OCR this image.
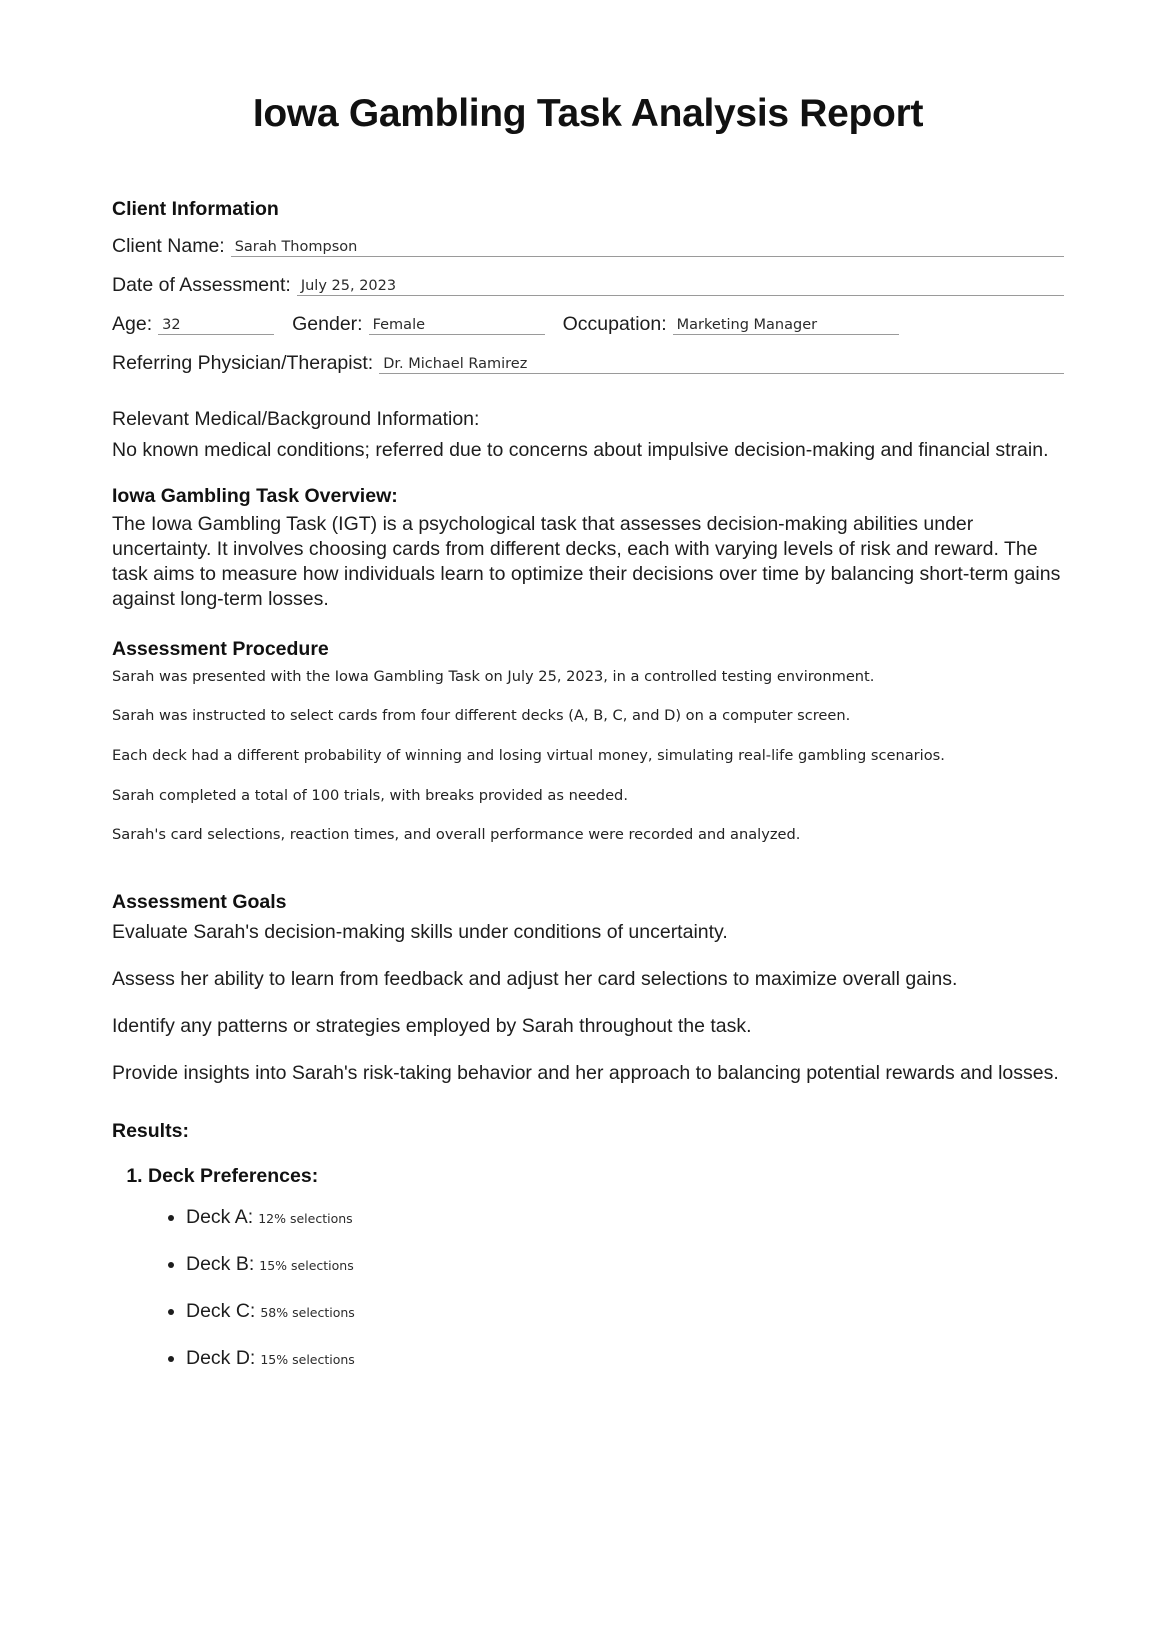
Iowa Gambling Task Analysis Report
Client Information
Client Name: Sarah Thompson
Date of Assessment: July 25, 2023
Age: 32	Gender: Female	Occupation: Marketing Manager
Referring Physician/Therapist: Dr. Michael Ramirez
Relevant Medical/Background Information:
No known medical conditions; referred due to concerns about impulsive decision-making and financial strain.
Iowa Gambling Task Overview:
The Iowa Gambling Task (IGT) is a psychological task that assesses decision-making abilities under uncertainty. It involves choosing cards from different decks, each with varying levels of risk and reward. The task aims to measure how individuals learn to optimize their decisions over time by balancing short-term gains against long-term losses.
Assessment Procedure
Sarah was presented with the Iowa Gambling Task on July 25, 2023, in a controlled testing environment.
Sarah was instructed to select cards from four different decks (A, B, C, and D) on a computer screen.
Each deck had a different probability of winning and losing virtual money, simulating real-life gambling scenarios.
Sarah completed a total of 100 trials, with breaks provided as needed.
Sarah's card selections, reaction times, and overall performance were recorded and analyzed.
Assessment Goals
Evaluate Sarah's decision-making skills under conditions of uncertainty.
Assess her ability to learn from feedback and adjust her card selections to maximize overall gains.
Identify any patterns or strategies employed by Sarah throughout the task.
Provide insights into Sarah's risk-taking behavior and her approach to balancing potential rewards and losses.
Results:
1. Deck Preferences:
• Deck A: 12% selections
• Deck B: 15% selections
• Deck C: 58% selections
• Deck D: 15% selections
